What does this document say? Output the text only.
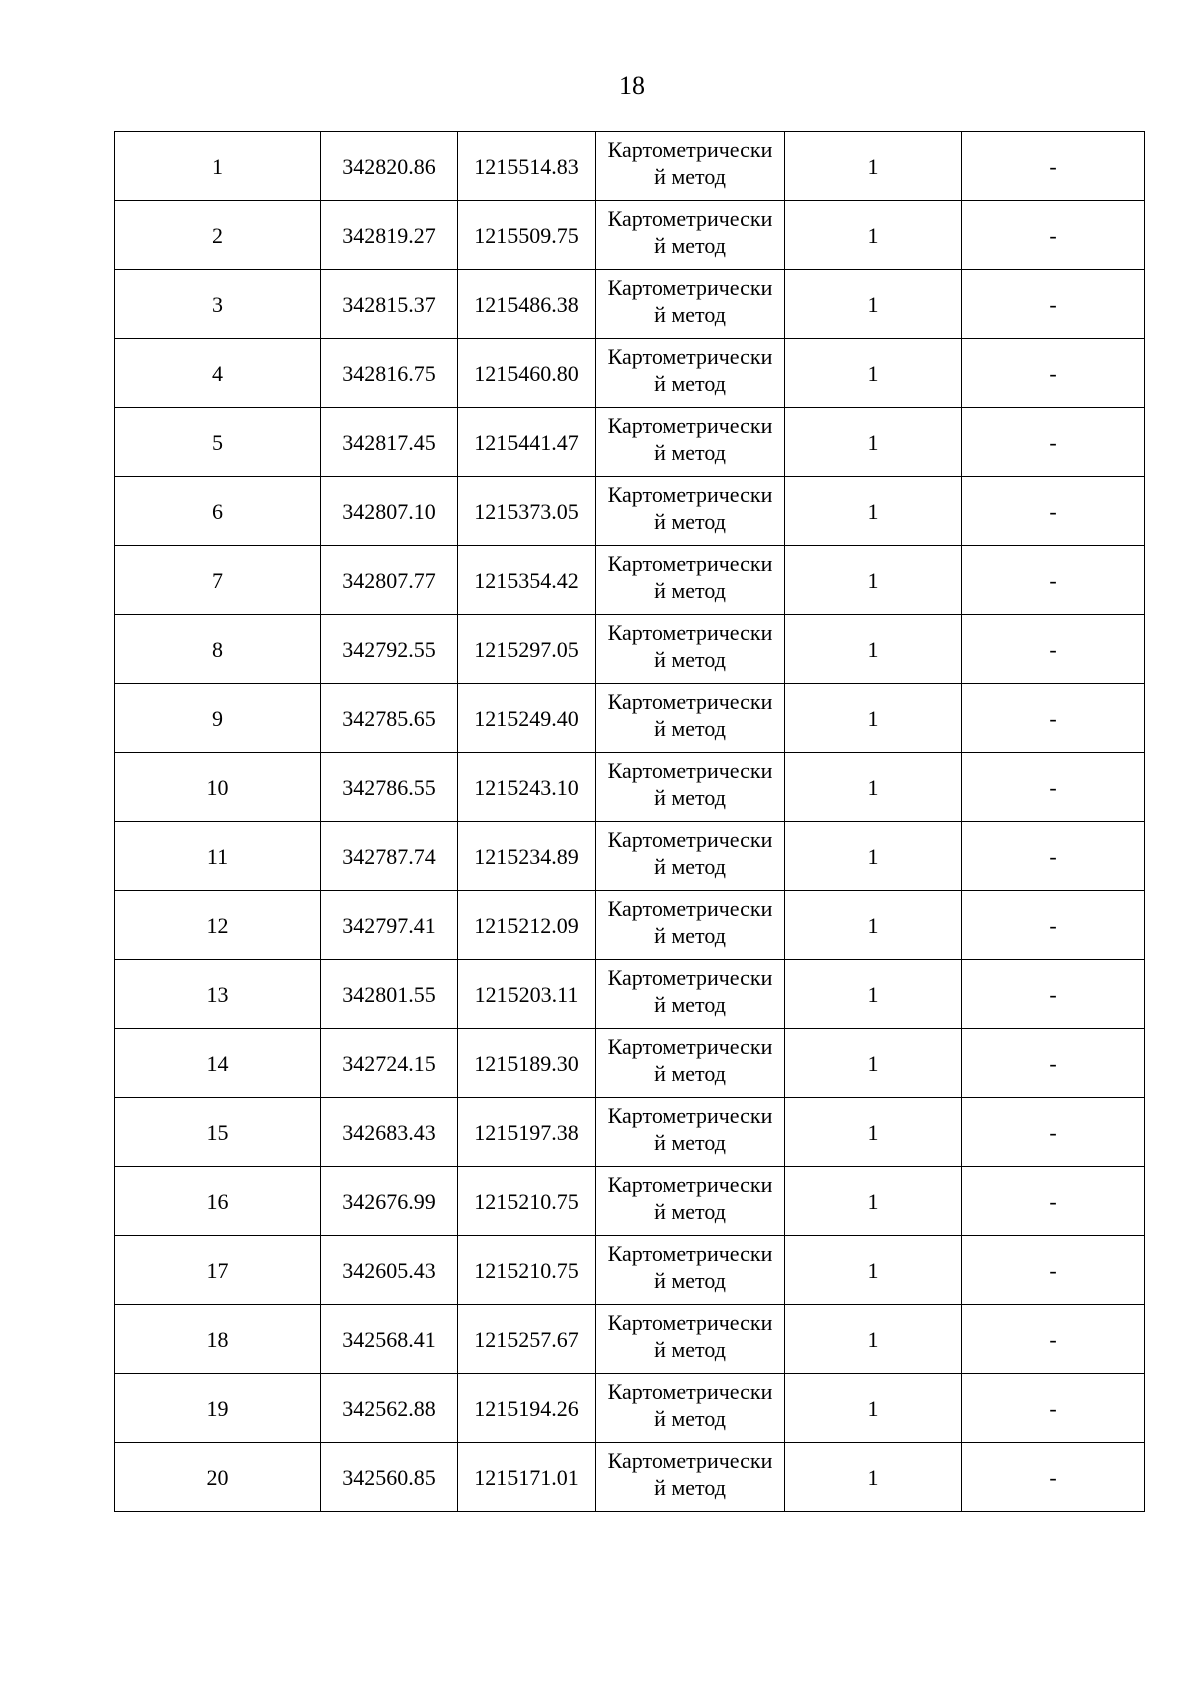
18
1	342820.86	1215514.83	Картометрически
й метод	1	-
2	342819.27	1215509.75	Картометрически
й метод	1	-
3	342815.37	1215486.38	Картометрически
й метод	1	-
4	342816.75	1215460.80	Картометрически
й метод	1	-
5	342817.45	1215441.47	Картометрически
й метод	1	-
6	342807.10	1215373.05	Картометрически
й метод	1	-
7	342807.77	1215354.42	Картометрически
й метод	1	-
8	342792.55	1215297.05	Картометрически
й метод	1	-
9	342785.65	1215249.40	Картометрически
й метод	1	-
10	342786.55	1215243.10	Картометрически
й метод	1	-
11	342787.74	1215234.89	Картометрически
й метод	1	-
12	342797.41	1215212.09	Картометрически
й метод	1	-
13	342801.55	1215203.11	Картометрически
й метод	1	-
14	342724.15	1215189.30	Картометрически
й метод	1	-
15	342683.43	1215197.38	Картометрически
й метод	1	-
16	342676.99	1215210.75	Картометрически
й метод	1	-
17	342605.43	1215210.75	Картометрически
й метод	1	-
18	342568.41	1215257.67	Картометрически
й метод	1	-
19	342562.88	1215194.26	Картометрически
й метод	1	-
20	342560.85	1215171.01	Картометрически
й метод	1	-
